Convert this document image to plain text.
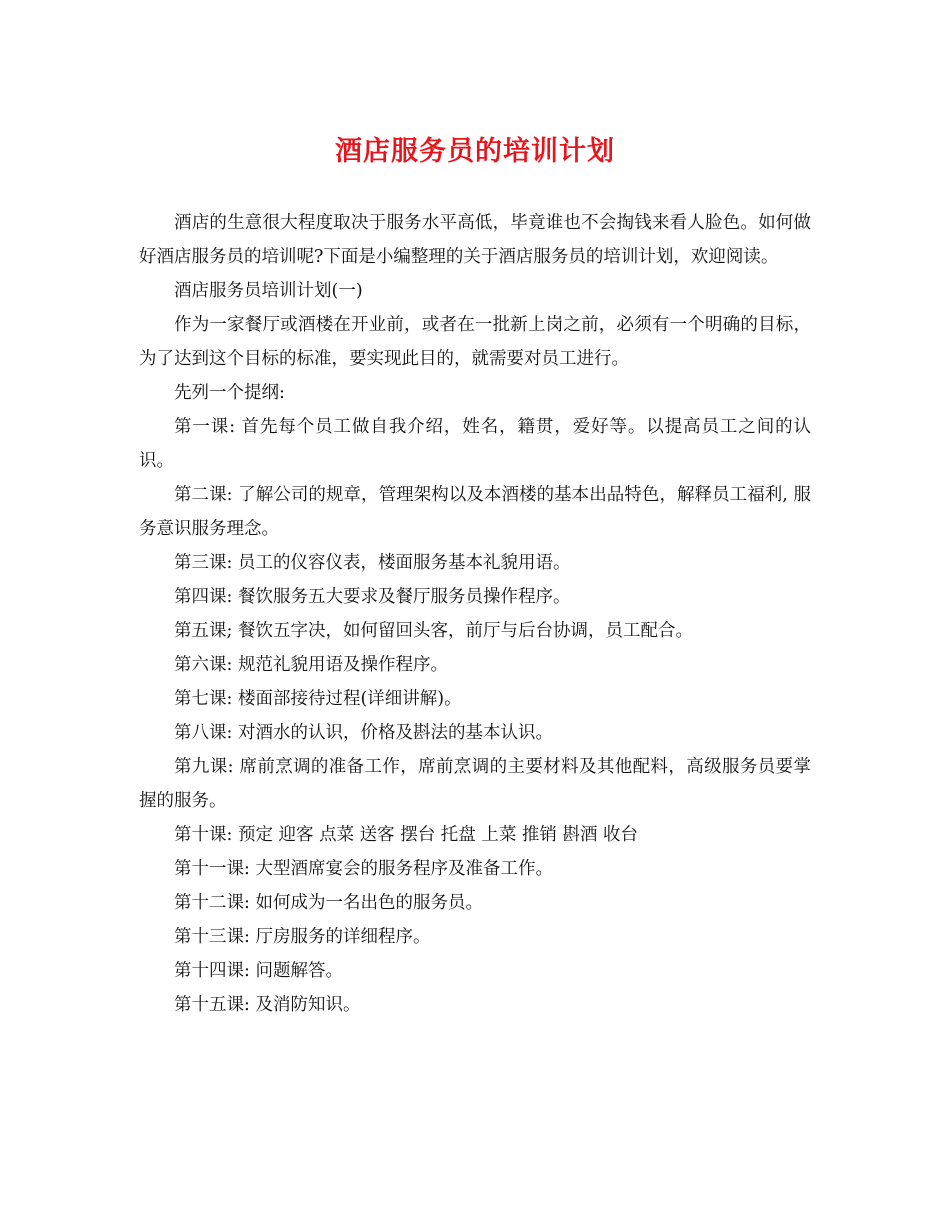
酒店服务员的培训计划

酒店的生意很大程度取决于服务水平高低，毕竟谁也不会掏钱来看人脸色。如何做好酒店服务员的培训呢?下面是小编整理的关于酒店服务员的培训计划，欢迎阅读。

酒店服务员培训计划(一)

作为一家餐厅或酒楼在开业前，或者在一批新上岗之前，必须有一个明确的目标，为了达到这个目标的标准，要实现此目的，就需要对员工进行。

先列一个提纲:

第一课: 首先每个员工做自我介绍，姓名，籍贯，爱好等。以提高员工之间的认识。

第二课: 了解公司的规章，管理架构以及本酒楼的基本出品特色，解释员工福利, 服务意识服务理念。

第三课: 员工的仪容仪表，楼面服务基本礼貌用语。

第四课: 餐饮服务五大要求及餐厅服务员操作程序。

第五课; 餐饮五字决，如何留回头客，前厅与后台协调，员工配合。

第六课: 规范礼貌用语及操作程序。

第七课: 楼面部接待过程(详细讲解)。

第八课: 对酒水的认识，价格及斟法的基本认识。

第九课: 席前烹调的准备工作，席前烹调的主要材料及其他配料，高级服务员要掌握的服务。

第十课: 预定 迎客 点菜 送客 摆台 托盘 上菜 推销 斟酒 收台

第十一课: 大型酒席宴会的服务程序及准备工作。

第十二课: 如何成为一名出色的服务员。

第十三课: 厅房服务的详细程序。

第十四课: 问题解答。

第十五课: 及消防知识。
